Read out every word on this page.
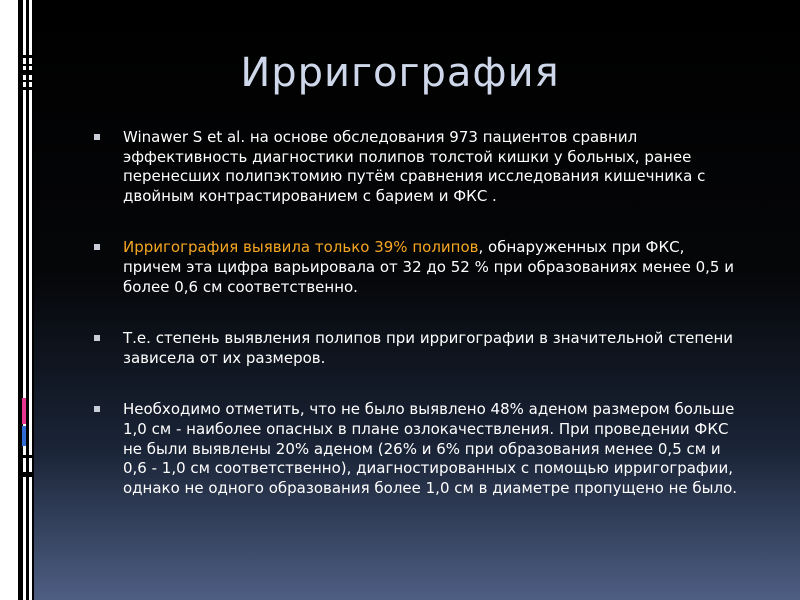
Ирригография
Winawer S et al. на основе обследования 973 пациентов сравнил эффективность диагностики полипов толстой кишки у больных, ранее перенесших полипэктомию путём сравнения исследования кишечника с двойным контрастированием с барием и ФКС .
Ирригография выявила только 39% полипов, обнаруженных при ФКС, причем эта цифра варьировала от 32 до 52 % при образованиях менее 0,5 и более 0,6 см соответственно.
Т.е. степень выявления полипов при ирригографии в значительной степени зависела от их размеров.
Необходимо отметить, что не было выявлено 48% аденом размером больше 1,0 см - наиболее опасных в плане озлокачествления. При проведении ФКС не были выявлены 20% аденом (26% и 6% при образования менее 0,5 см и 0,6 - 1,0 см соответственно), диагностированных с помощью ирригографии, однако не одного образования более 1,0 см в диаметре пропущено не было.
